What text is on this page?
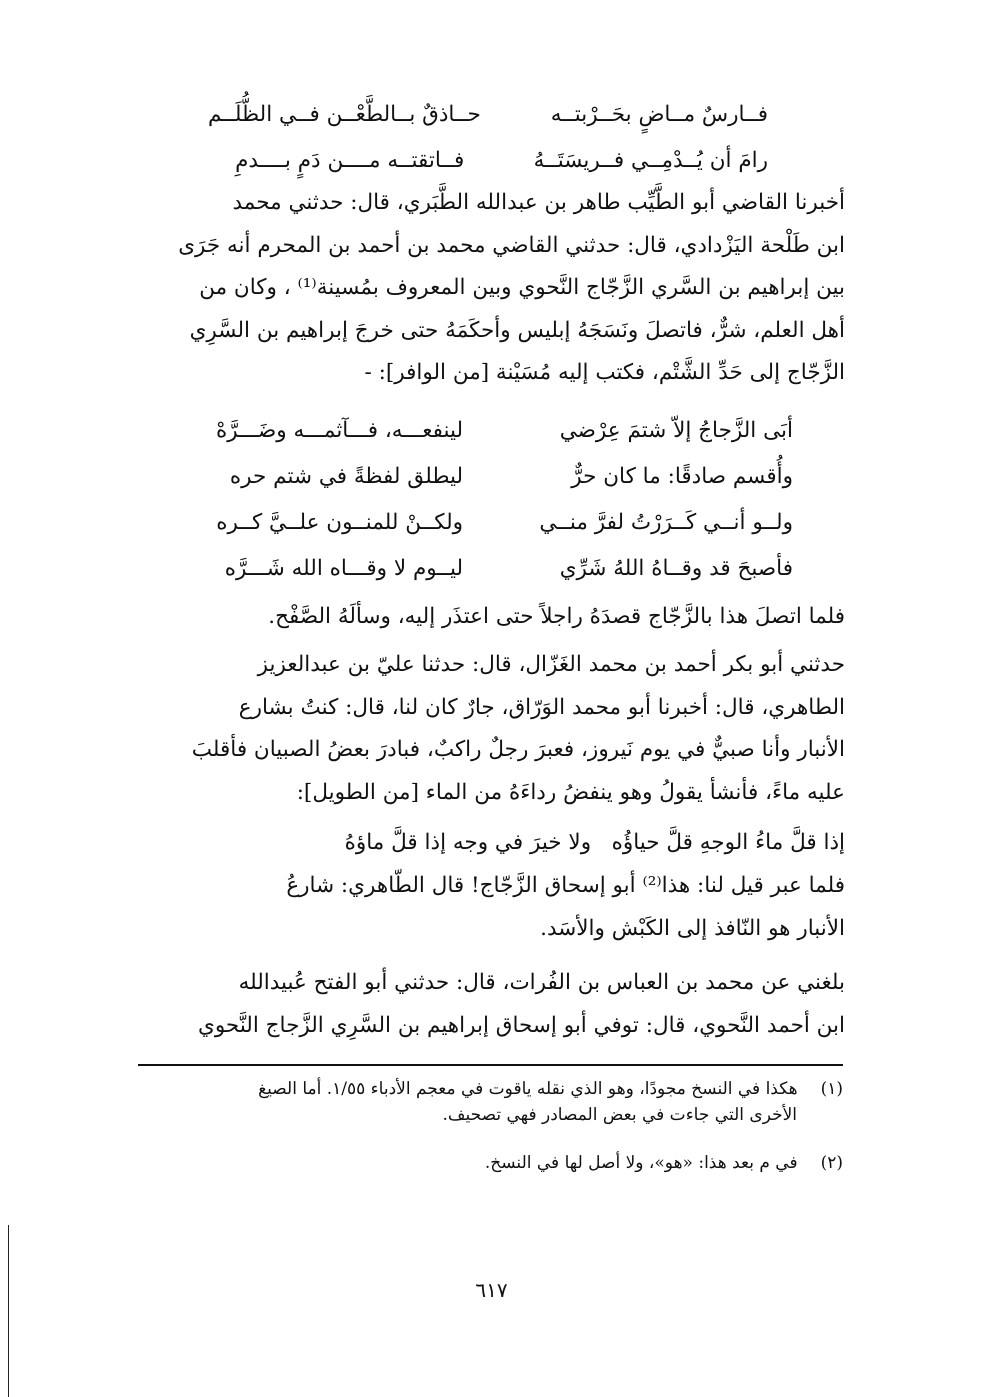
فــارسٌ مــاضٍ بحَــرْبتــه
حــاذقٌ بــالطَّعْــن فــي الظُّلَــم
رامَ أن يُــدْمِــي فــريسَتَــهُ
فــاتقتــه مــــن دَمٍ بــــدمِ
أخبرنا القاضي أبو الطَّيِّب طاهر بن عبدالله الطَّبَري، قال: حدثني محمد
ابن طَلْحة اليَزْدادي، قال: حدثني القاضي محمد بن أحمد بن المحرم أنه جَرَى
بين إبراهيم بن السَّري الزَّجّاج النَّحوي وبين المعروف بمُسينة⁽¹⁾ ، وكان من
أهل العلم، شرٌّ، فاتصلَ ونَسَجَهُ إبليس وأحكَمَهُ حتى خرجَ إبراهيم بن السَّرِي
الزَّجّاج إلى حَدِّ الشَّتْم، فكتب إليه مُسَيْنة [من الوافر]: -
أبَى الزَّجاجُ إلاّ شتمَ عِرْضي
لينفعـــه، فـــآثمـــه وضَـــرَّهْ
وأُقسم صادقًا: ما كان حرٌّ
ليطلق لفظةً في شتم حره
ولــو أنــي كَــرَرْتُ لفرَّ منــي
ولكــنْ للمنــون علــيَّ كــره
فأصبحَ قد وقــاهُ اللهُ شَرِّي
ليــوم لا وقـــاه الله شَـــرَّه
فلما اتصلَ هذا بالزَّجّاج قصدَهُ راجلاً حتى اعتذَر إليه، وسألَهُ الصَّفْح.
حدثني أبو بكر أحمد بن محمد الغَزّال، قال: حدثنا عليّ بن عبدالعزيز
الطاهري، قال: أخبرنا أبو محمد الوَرّاق، جارٌ كان لنا، قال: كنتُ بشارع
الأنبار وأنا صبيٌّ في يوم نَيروز، فعبرَ رجلٌ راكبٌ، فبادرَ بعضُ الصبيان فأقلبَ
عليه ماءً، فأنشأ يقولُ وهو ينفضُ رداءَهُ من الماء [من الطويل]:
إذا قلَّ ماءُ الوجهِ قلَّ حياؤُه   ولا خيرَ في وجه إذا قلَّ ماؤهُ
فلما عبر قيل لنا: هذا⁽²⁾ أبو إسحاق الزَّجّاج! قال الطّاهري: شارعُ
الأنبار هو النّافذ إلى الكَبْش والأسَد.
بلغني عن محمد بن العباس بن الفُرات، قال: حدثني أبو الفتح عُبيدالله
ابن أحمد النَّحوي، قال: توفي أبو إسحاق إبراهيم بن السَّرِي الزَّجاج النَّحوي
(١) هكذا في النسخ مجودًا، وهو الذي نقله ياقوت في معجم الأدباء ١/٥٥. أما الصيغ
الأخرى التي جاءت في بعض المصادر فهي تصحيف.
(٢) في م بعد هذا: «هو»، ولا أصل لها في النسخ.
٦١٧
